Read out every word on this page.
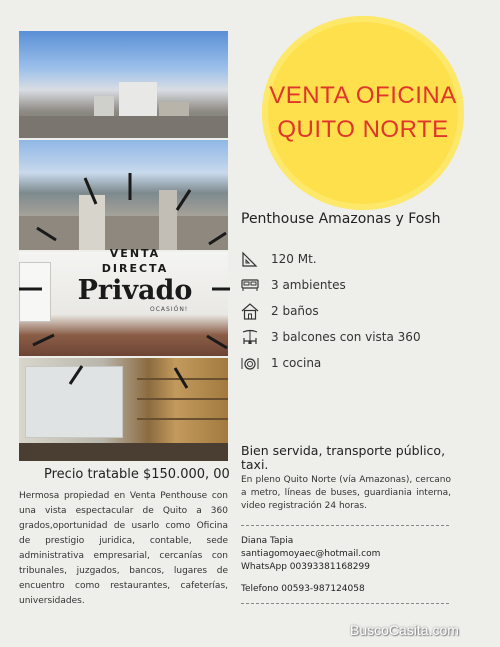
VENTA
DIRECTA
Privado
OCASIÓN!
VENTA OFICINA
QUITO NORTE
Penthouse Amazonas y Fosh
120 Mt.
3 ambientes
2 baños
3 balcones con vista 360
1 cocina
Bien servida, transporte público, taxi.
En pleno Quito Norte (vía Amazonas), cercano a metro, líneas de buses, guardiania interna, video registración 24 horas.
Diana Tapia
santiagomoyaec@hotmail.com
WhatsApp 00393381168299
Telefono 00593-987124058
Precio tratable $150.000, 00
Hermosa propiedad en Venta Penthouse con una vista espectacular de Quito a 360 grados,oportunidad de usarlo como Oficina de prestigio juridica, contable, sede administrativa empresarial, cercanías con tribunales, juzgados, bancos, lugares de encuentro como restaurantes, cafeterías, universidades.
BuscoCasita.com
